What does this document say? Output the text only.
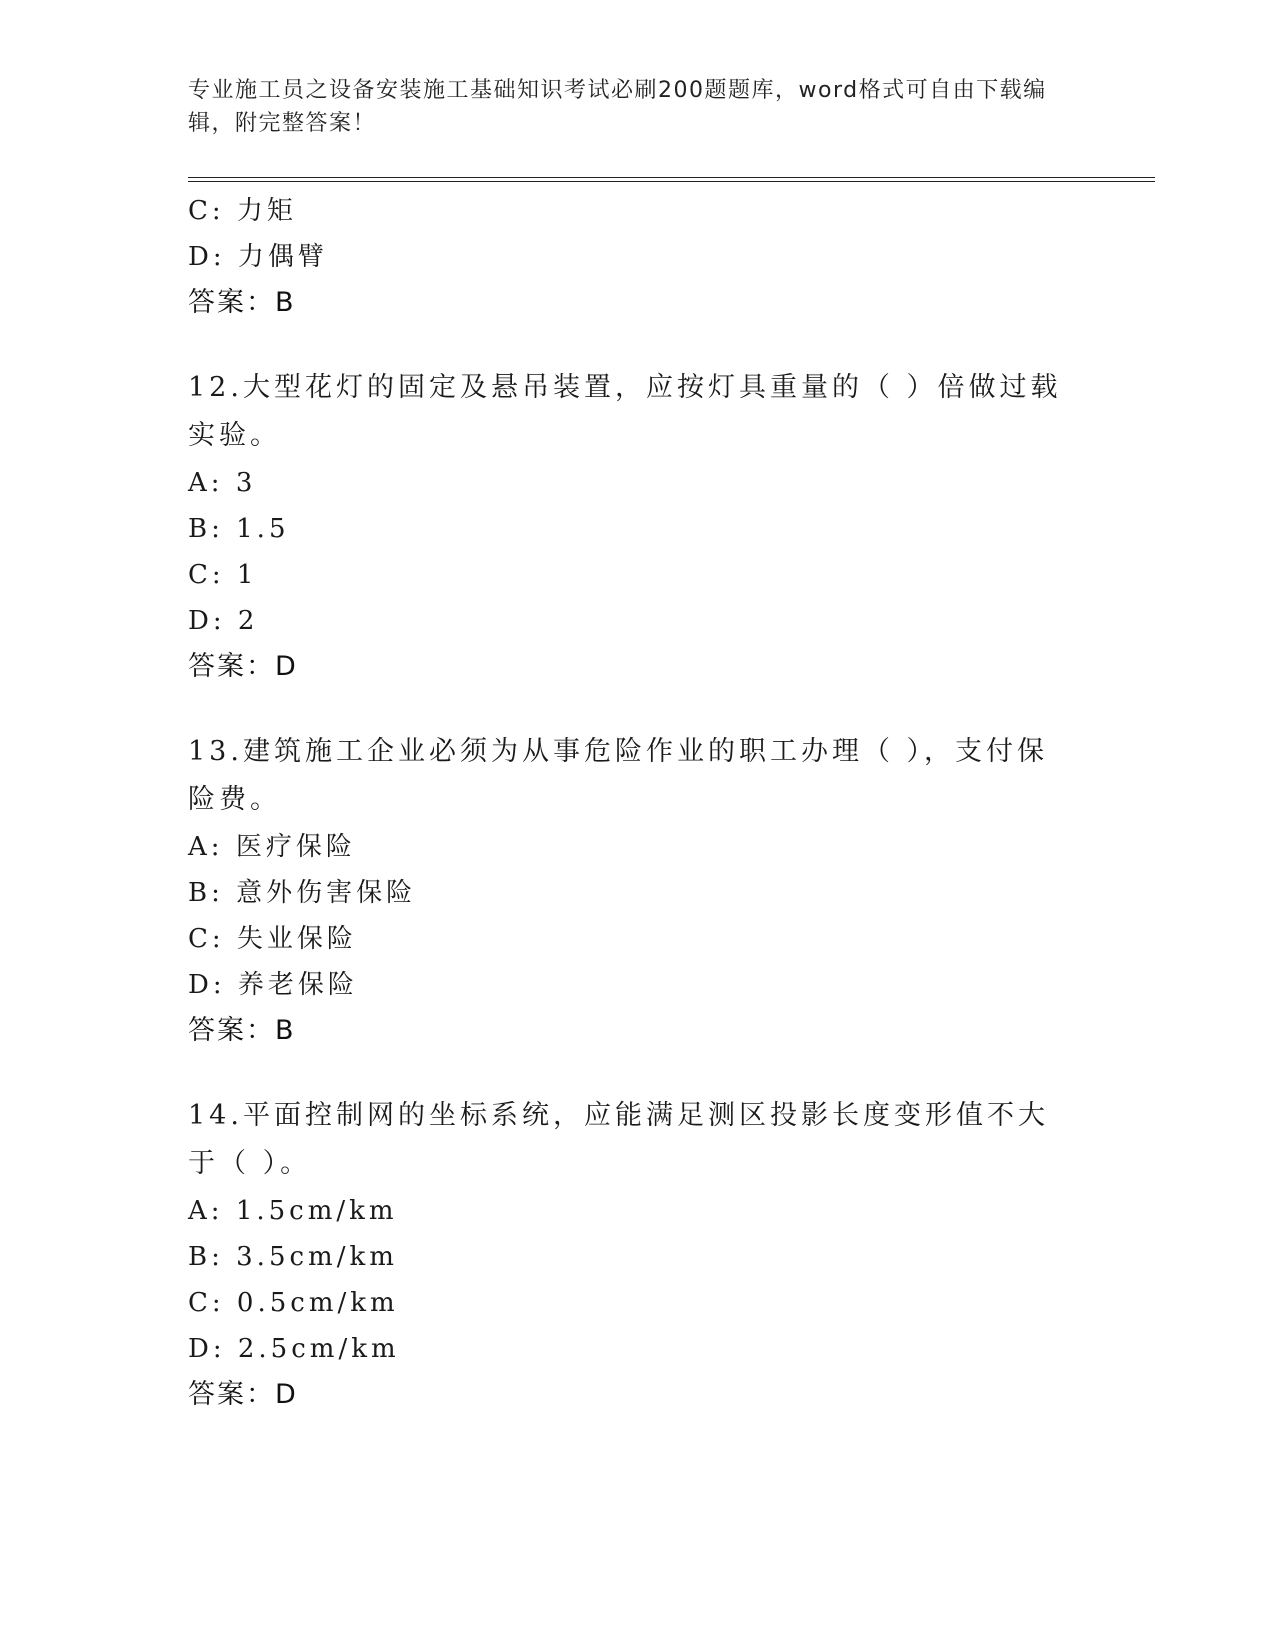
专业施工员之设备安装施工基础知识考试必刷200题题库，word格式可自由下载编辑，附完整答案！
C: 力矩
D: 力偶臂
答案：B
12.大型花灯的固定及悬吊装置，应按灯具重量的（ ）倍做过载实验。
A: 3
B: 1.5
C: 1
D: 2
答案：D
13.建筑施工企业必须为从事危险作业的职工办理（ ），支付保险费。
A: 医疗保险
B: 意外伤害保险
C: 失业保险
D: 养老保险
答案：B
14.平面控制网的坐标系统，应能满足测区投影长度变形值不大于（ ）。
A: 1.5cm/km
B: 3.5cm/km
C: 0.5cm/km
D: 2.5cm/km
答案：D
